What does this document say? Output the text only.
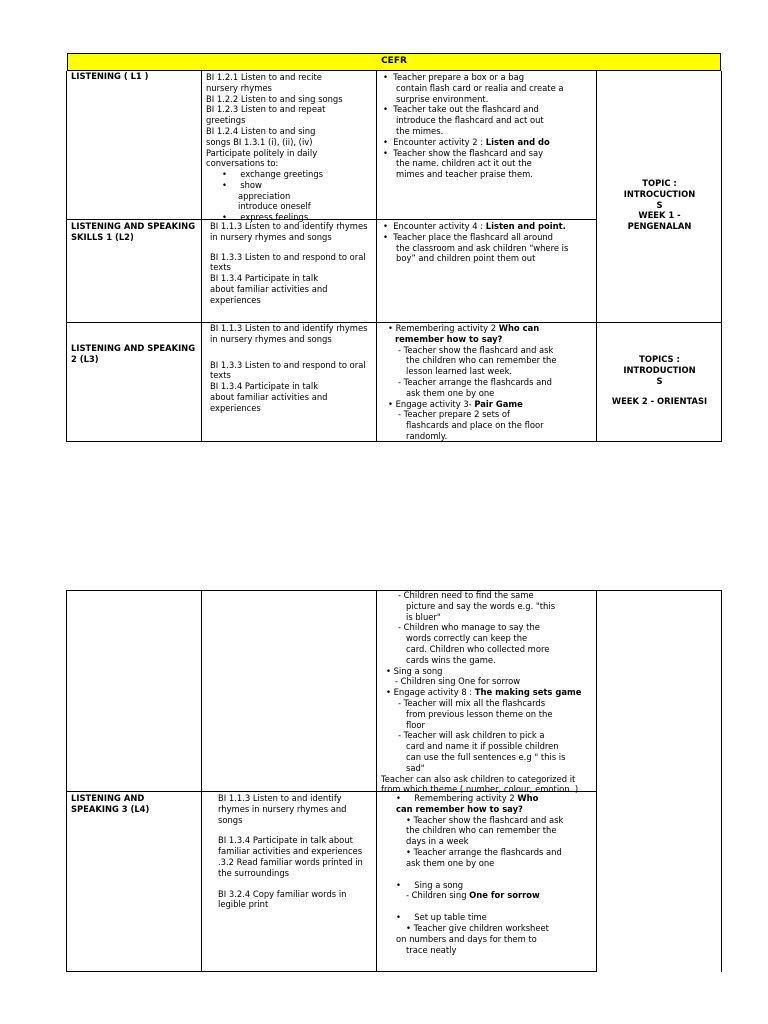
CEFR
LISTENING ( L1 )	BI 1.2.1 Listen to and recite
nursery rhymes
BI 1.2.2 Listen to and sing songs
BI 1.2.3 Listen to and repeat
greetings
BI 1.2.4 Listen to and sing
songs BI 1.3.1 (i), (ii), (iv)
Participate politely in daily
conversations to:
•     exchange greetings
•     show
appreciation
introduce oneself
•     express feelings
•  Teacher prepare a box or a bag
contain flash card or realia and create a
surprise environment.
•  Teacher take out the flashcard and
introduce the flashcard and act out
the mimes.
•  Encounter activity 2 : Listen and do
•  Teacher show the flashcard and say
the name. children act it out the
mimes and teacher praise them.
TOPIC :
INTROCUCTION
S
WEEK 1 -
PENGENALAN
LISTENING AND SPEAKING
SKILLS 1 (L2)
BI 1.1.3 Listen to and identify rhymes
in nursery rhymes and songs
BI 1.3.3 Listen to and respond to oral
texts
BI 1.3.4 Participate in talk
about familiar activities and
experiences
•  Encounter activity 4 : Listen and point.
•  Teacher place the flashcard all around
the classroom and ask children “where is
boy” and children point them out
LISTENING AND SPEAKING
2 (L3)
BI 1.1.3 Listen to and identify rhymes
in nursery rhymes and songs
BI 1.3.3 Listen to and respond to oral
texts
BI 1.3.4 Participate in talk
about familiar activities and
experiences
• Remembering activity 2 Who can
remember how to say?
- Teacher show the flashcard and ask
the children who can remember the
lesson learned last week.
- Teacher arrange the flashcards and
ask them one by one
• Engage activity 3- Pair Game
- Teacher prepare 2 sets of
flashcards and place on the floor
randomly.
TOPICS :
INTRODUCTION
S
WEEK 2 - ORIENTASI
- Children need to find the same
picture and say the words e.g. "this
is bluer"
- Children who manage to say the
words correctly can keep the
card. Children who collected more
cards wins the game.
• Sing a song
- Children sing One for sorrow
• Engage activity 8 : The making sets game
- Teacher will mix all the flashcards
from previous lesson theme on the
floor
- Teacher will ask children to pick a
card and name it if possible children
can use the full sentences e.g " this is
sad"
Teacher can also ask children to categorized it
from which theme ( number, colour, emotion..)
LISTENING AND
SPEAKING 3 (L4)
BI 1.1.3 Listen to and identify
rhymes in nursery rhymes and
songs
BI 1.3.4 Participate in talk about
familiar activities and experiences
.3.2 Read familiar words printed in
the surroundings
BI 3.2.4 Copy familiar words in
legible print
•     Remembering activity 2 Who
can remember how to say?
• Teacher show the flashcard and ask
the children who can remember the
days in a week
• Teacher arrange the flashcards and
ask them one by one
•     Sing a song
- Children sing One for sorrow
•     Set up table time
• Teacher give children worksheet
on numbers and days for them to
trace neatly
